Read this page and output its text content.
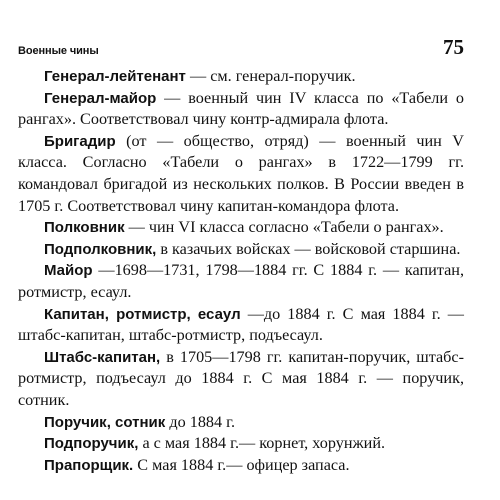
Военные чины	75

Генерал-лейтенант — см. генерал-поручик.

Генерал-майор — военный чин IV класса по «Табели о рангах». Соответствовал чину контр-адмирала флота.

Бригадир (от — общество, отряд) — военный чин V класса. Согласно «Табели о рангах» в 1722—1799 гг. командовал бригадой из нескольких полков. В России введен в 1705 г. Соответствовал чину капитан-командора флота.

Полковник — чин VI класса согласно «Табели о рангах».

Подполковник, в казачьих войсках — войсковой старшина.

Майор —1698—1731, 1798—1884 гг. С 1884 г. — капитан, ротмистр, есаул.

Капитан, ротмистр, есаул —до 1884 г. С мая 1884 г. — штабс-капитан, штабс-ротмистр, подъесаул.

Штабс-капитан, в 1705—1798 гг. капитан-поручик, штабс-ротмистр, подъесаул до 1884 г. С мая 1884 г. — поручик, сотник.

Поручик, сотник до 1884 г.

Подпоручик, а с мая 1884 г.— корнет, хорунжий.

Прапорщик. С мая 1884 г.— офицер запаса.
